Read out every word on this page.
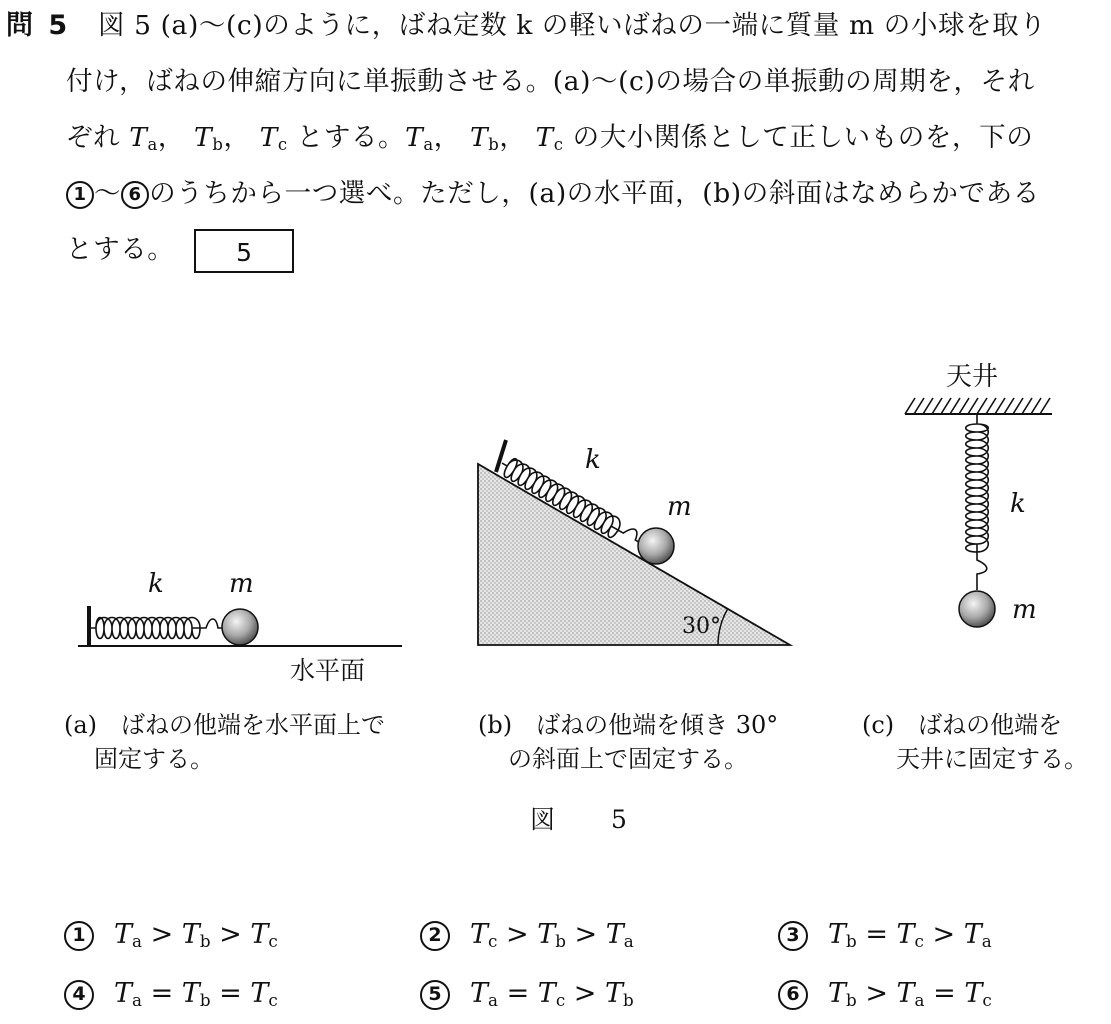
問 5 図 5 (a)〜(c)のように，ばね定数 k の軽いばねの一端に質量 m の小球を取り
付け，ばねの伸縮方向に単振動させる。(a)〜(c)の場合の単振動の周期を，それ
ぞれ $T_a$， $T_b$， $T_c$ とする。$T_a$， $T_b$， $T_c$ の大小関係として正しいものを，下の
1 〜 6 のうちから一つ選べ。ただし，(a)の水平面，(b)の斜面はなめらかである
とする。 5
k	m
水平面
k
m
30°
天井
k
m
(a)　ばねの他端を水平面上で
固定する。
(b)　ばねの他端を傾き 30°
の斜面上で固定する。
(c)　ばねの他端を
天井に固定する。
図 5
1 $T_a > T_b > T_c$	2 $T_c > T_b > T_a$	3 $T_b = T_c > T_a$
4 $T_a = T_b = T_c$	5 $T_a = T_c > T_b$	6 $T_b > T_a = T_c$
